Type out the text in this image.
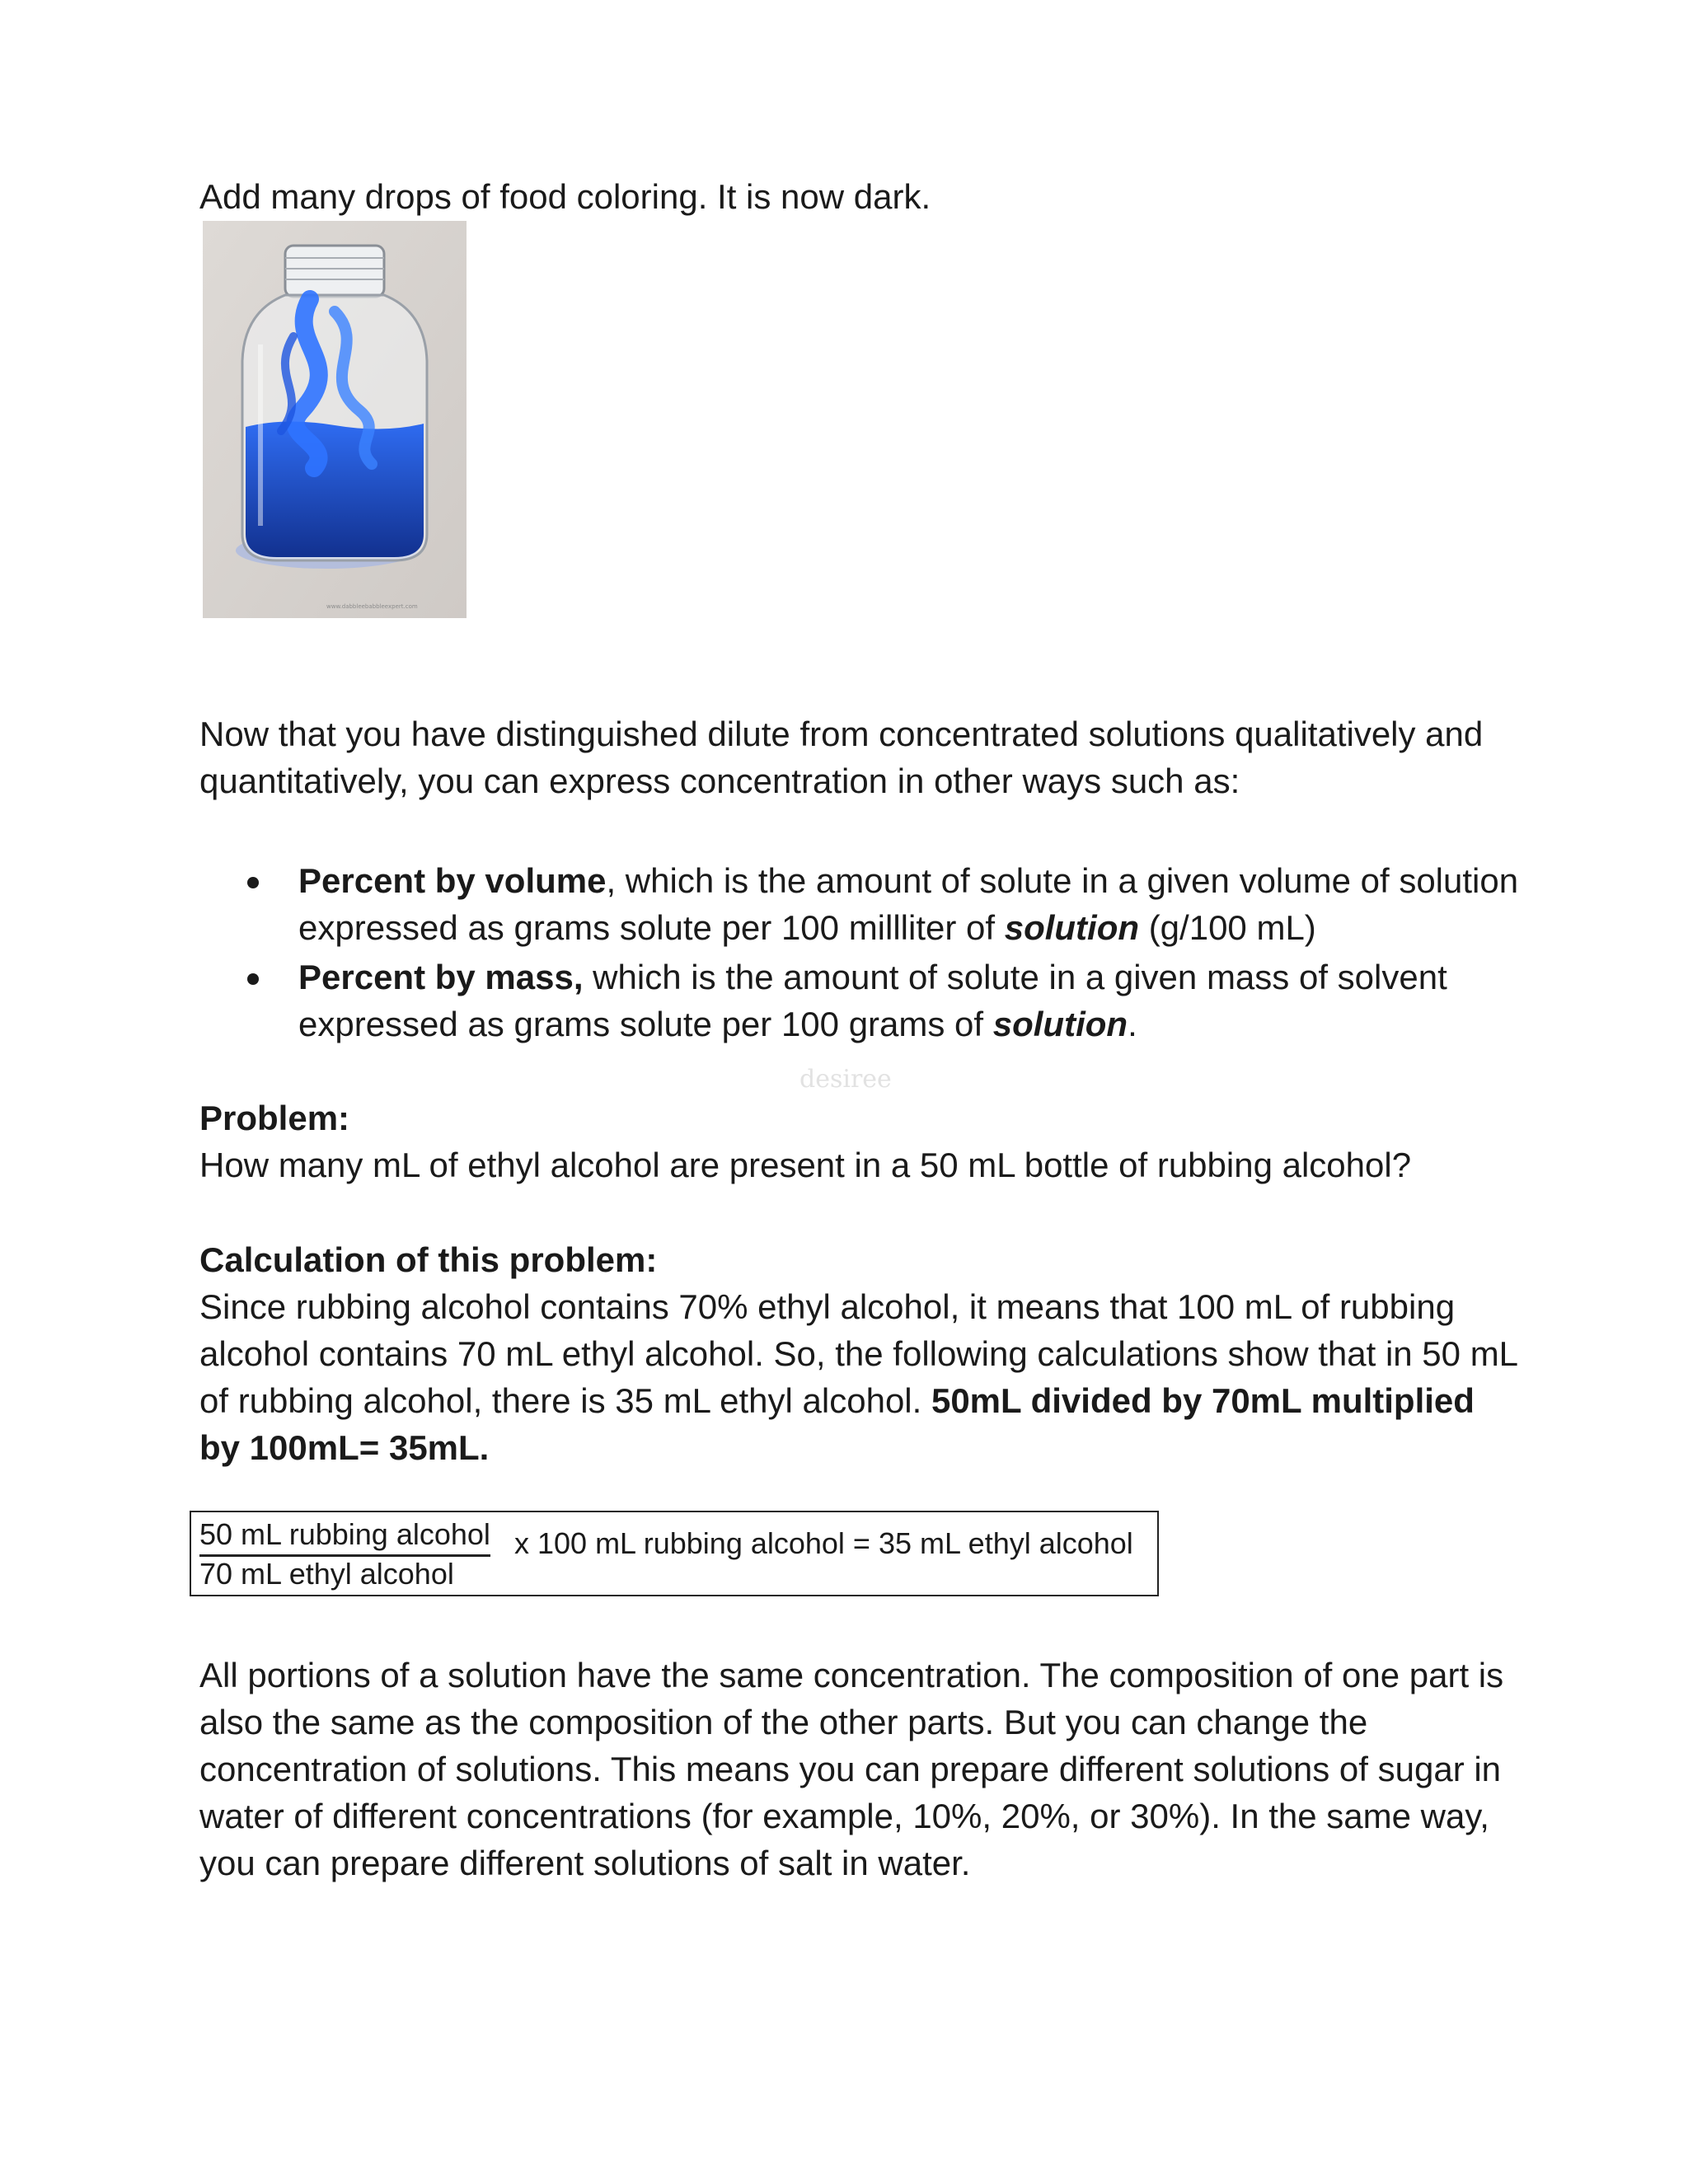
Add many drops of food coloring. It is now dark.

www.dabbleebabbleexpert.com

Now that you have distinguished dilute from concentrated solutions qualitatively and quantitatively, you can express concentration in other ways such as:

Percent by volume, which is the amount of solute in a given volume of solution expressed as grams solute per 100 millliter of solution (g/100 mL)
Percent by mass, which is the amount of solute in a given mass of solvent expressed as grams solute per 100 grams of solution.
desiree

Problem:

How many mL of ethyl alcohol are present in a 50 mL bottle of rubbing alcohol?

Calculation of this problem:

Since rubbing alcohol contains 70% ethyl alcohol, it means that 100 mL of rubbing alcohol contains 70 mL ethyl alcohol. So, the following calculations show that in 50 mL of rubbing alcohol, there is 35 mL ethyl alcohol. 50mL divided by 70mL multiplied by 100mL= 35mL.

50 mL rubbing alcohol
70 mL ethyl alcohol
x 100 mL rubbing alcohol = 35 mL ethyl alcohol

All portions of a solution have the same concentration. The composition of one part is also the same as the composition of the other parts. But you can change the concentration of solutions. This means you can prepare different solutions of sugar in water of different concentrations (for example, 10%, 20%, or 30%). In the same way, you can prepare different solutions of salt in water.
